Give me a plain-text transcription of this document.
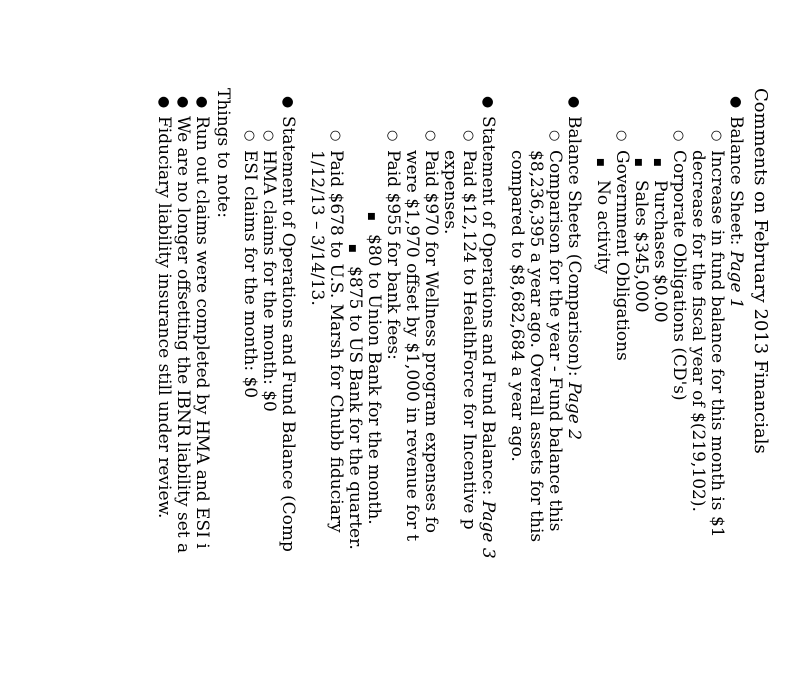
Comments on February 2013 Financials
●
Balance Sheet: Page 1
○
Increase in fund balance for this month is $1
decrease for the fiscal year of $(219,102).
○
Corporate Obligations (CD's)
■
Purchases $0.00
■
Sales $345,000
○
Government Obligations
■
No activity
●
Balance Sheets (Comparison): Page 2
○
Comparison for the year - Fund balance this
$8,236,395 a year ago. Overall assets for this
compared to $8,682,684 a year ago.
●
Statement of Operations and Fund Balance: Page 3
○
Paid $12,124 to HealthForce for Incentive p
expenses.
○
Paid $970 for Wellness program expenses fo
were $1,970 offset by $1,000 in revenue for t
○
Paid $955 for bank fees:
■
$80 to Union Bank for the month.
■
$875 to US Bank for the quarter.
○
Paid $678 to U.S. Marsh for Chubb fiduciary
1/12/13 – 3/14/13.
●
Statement of Operations and Fund Balance (Comp
○
HMA claims for the month: $0
○
ESI claims for the month: $0
Things to note:
●
Run out claims were completed by HMA and ESI i
●
We are no longer offsetting the IBNR liability set a
●
Fiduciary liability insurance still under review.
